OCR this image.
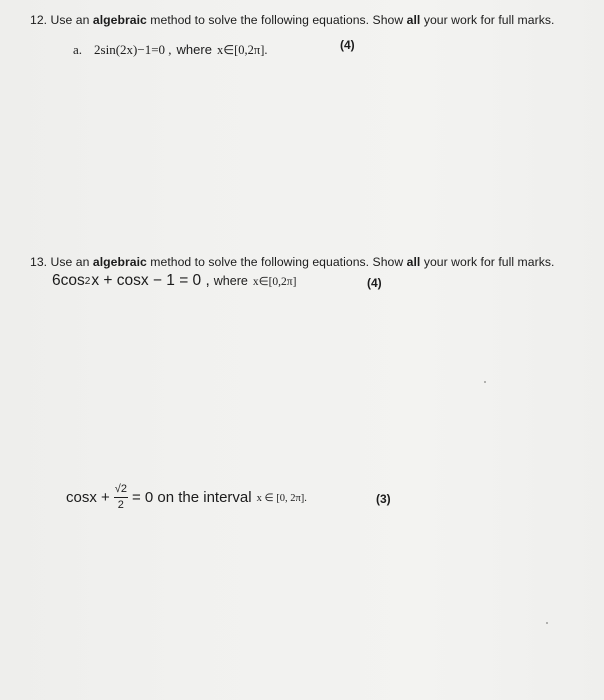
12. Use an algebraic method to solve the following equations. Show all your work for full marks.
a. 2sin(2x)−1=0 , where x∈[0,2π].	(4)
13. Use an algebraic method to solve the following equations. Show all your work for full marks.
$6\cos^2$ x + cosx − 1 = 0 , where x∈[0,2π]	(4)
$\cos x + \frac{√2}{2} = 0$ on the interval x ∈ [0, 2π].	(3)
